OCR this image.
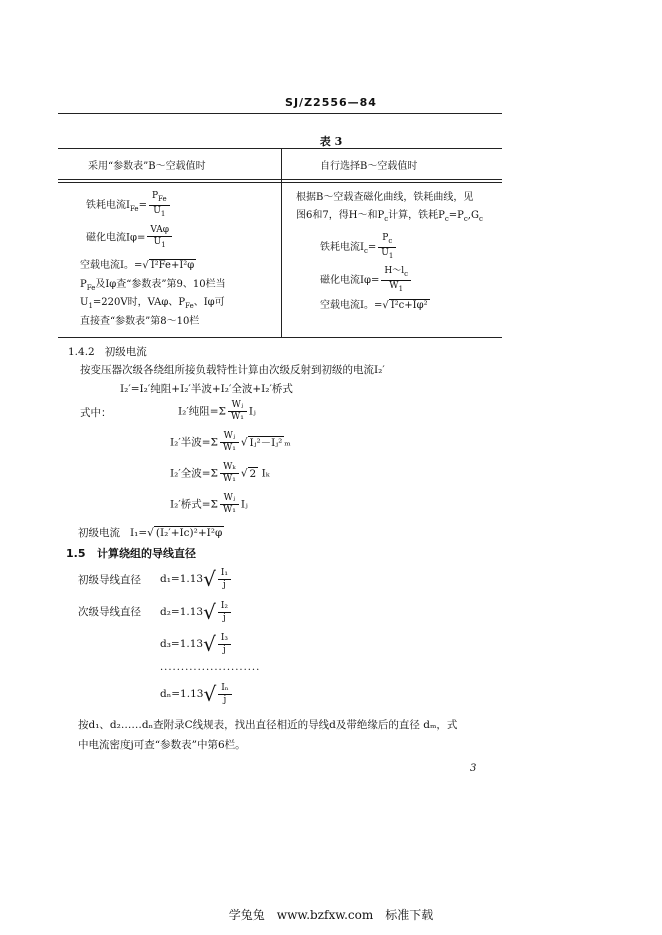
SJ/Z2556—84
表 3
采用“参数表”B～空载值时	自行选择B～空载值时
铁耗电流$I_{Fe}= \frac{P_{Fe}}{U_1}$
磁化电流$I\varphi= \frac{\text{VAφ}}{U_1}$
空载电流I。=√ I²Fe+I²φ
$P_{Fe}$及Iφ查“参数表”第9、10栏当
$U_1=220V$时，VAφ、$P_{Fe}$、Iφ可
直接查“参数表”第8～10栏
根据B～空载查磁化曲线，铁耗曲线，见
图6和7，得H～和$P_c$计算，铁耗$P_c=P_c,G_c$
铁耗电流$I_c= \frac{P_c}{U_1}$
磁化电流$I\varphi= \frac{H\sim l_c}{W_1}$
空载电流I。=√ I²c+Iφ²
1.4.2 初级电流
按变压器次级各绕组所接负载特性计算由次级反射到初级的电流I₂′
I₂′=I₂′纯阻+I₂′半波+I₂′全波+I₂′桥式
式中：	I₂′纯阻$=\Sigma \frac{\text{Wⱼ}}{\text{W₁}}$ Iⱼ
I₂′半波$=\Sigma \frac{\text{Wⱼ}}{\text{W₁}}$ √ Iⱼ²－Iⱼ² ₘ
I₂′全波$=\Sigma \frac{\text{Wₖ}}{\text{W₁}}$ √ 2 Iₖ
I₂′桥式$=\Sigma \frac{\text{Wⱼ}}{\text{W₁}}$ Iⱼ
初级电流 I₁=√ (I₂′+Ic)²+I²φ
1.5 计算绕组的导线直径
初级导线直径 $d_1=1.13√ \frac{\text{I₁}}{j}$
次级导线直径 $d_2=1.13√ \frac{\text{I₂}}{j}$
$d_3=1.13√ \frac{\text{I₃}}{j}$
........................
$d_n=1.13√ \frac{\text{Iₙ}}{j}$
按d₁、d₂……dₙ查附录C线规表，找出直径相近的导线d及带绝缘后的直径 dₘ，式
中电流密度j可查“参数表”中第6栏。
3
学兔兔　www.bzfxw.com　标准下载
